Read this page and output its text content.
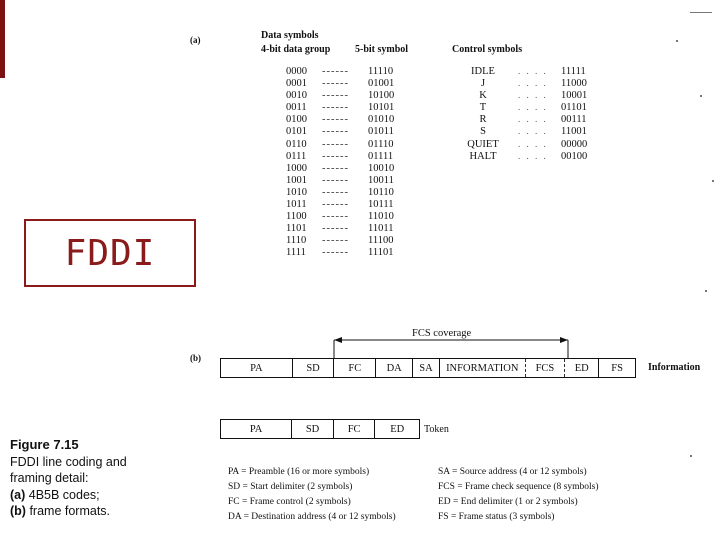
FDDI
(a)	Data symbols
4-bit data group 5-bit symbol	Control symbols
0000 ------ 11110
0001 ------ 01001
0010 ------ 10100
0011 ------ 10101
0100 ------ 01010
0101 ------ 01011
0110 ------ 01110
0111 ------ 01111
1000 ------ 10010
1001 ------ 10011
1010 ------ 10110
1011 ------ 10111
1100 ------ 11010
1101 ------ 11011
1110 ------ 11100
1111 ------ 11101
IDLE	. . . . 11111
J	. . . . 11000
K	. . . . 10001
T	. . . . 01101
R	. . . . 00111
S	. . . . 11001
QUIET	. . . . 00000
HALT	. . . . 00100
(b)
FCS coverage
PA	SD	FC	DA	SA	INFORMATION	FCS	ED	FS	Information
PA	SD	FC	ED	Token
PA = Preamble (16 or more symbols)
SD = Start delimiter (2 symbols)
FC = Frame control (2 symbols)
DA = Destination address (4 or 12 symbols)
SA = Source address (4 or 12 symbols)
FCS = Frame check sequence (8 symbols)
ED = End delimiter (1 or 2 symbols)
FS = Frame status (3 symbols)
Figure 7.15
FDDI line coding and
framing detail:
(a) 4B5B codes;
(b) frame formats.
